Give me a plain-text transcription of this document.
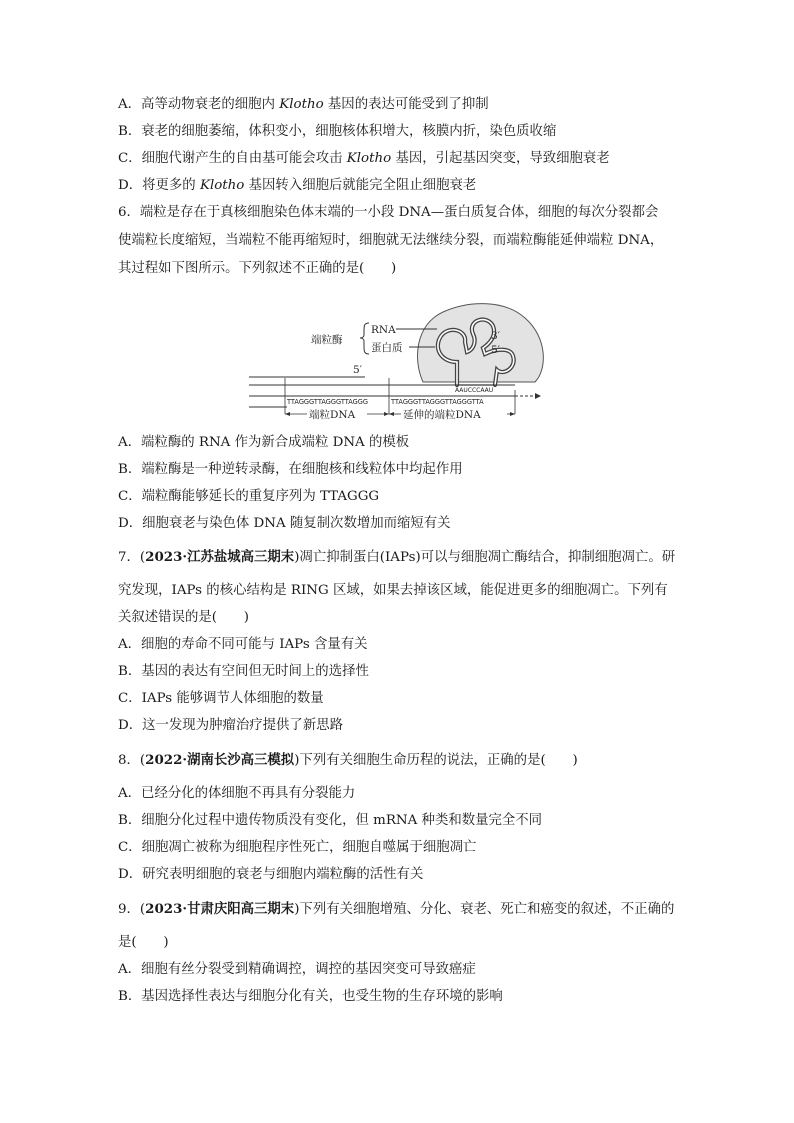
A．高等动物衰老的细胞内 Klotho 基因的表达可能受到了抑制
B．衰老的细胞萎缩，体积变小，细胞核体积增大，核膜内折，染色质收缩
C．细胞代谢产生的自由基可能会攻击 Klotho 基因，引起基因突变，导致细胞衰老
D．将更多的 Klotho 基因转入细胞后就能完全阻止细胞衰老
6．端粒是存在于真核细胞染色体末端的一小段 DNA—蛋白质复合体，细胞的每次分裂都会
使端粒长度缩短，当端粒不能再缩短时，细胞就无法继续分裂，而端粒酶能延伸端粒 DNA，
其过程如下图所示。下列叙述不正确的是(　　)
端粒酶
RNA
蛋白质
3′
5′
AAUCCCAAU
5′
TTAGGGTTAGGGTTAGGG	TTAGGGTTAGGGTTAGGGTTA
端粒DNA	延伸的端粒DNA
A．端粒酶的 RNA 作为新合成端粒 DNA 的模板
B．端粒酶是一种逆转录酶，在细胞核和线粒体中均起作用
C．端粒酶能够延长的重复序列为 TTAGGG
D．细胞衰老与染色体 DNA 随复制次数增加而缩短有关
7．(2023·江苏盐城高三期末)凋亡抑制蛋白(IAPs)可以与细胞凋亡酶结合，抑制细胞凋亡。研
究发现，IAPs 的核心结构是 RING 区域，如果去掉该区域，能促进更多的细胞凋亡。下列有
关叙述错误的是(　　)
A．细胞的寿命不同可能与 IAPs 含量有关
B．基因的表达有空间但无时间上的选择性
C．IAPs 能够调节人体细胞的数量
D．这一发现为肿瘤治疗提供了新思路
8．(2022·湖南长沙高三模拟)下列有关细胞生命历程的说法，正确的是(　　)
A．已经分化的体细胞不再具有分裂能力
B．细胞分化过程中遗传物质没有变化，但 mRNA 种类和数量完全不同
C．细胞凋亡被称为细胞程序性死亡，细胞自噬属于细胞凋亡
D．研究表明细胞的衰老与细胞内端粒酶的活性有关
9．(2023·甘肃庆阳高三期末)下列有关细胞增殖、分化、衰老、死亡和癌变的叙述，不正确的
是(　　)
A．细胞有丝分裂受到精确调控，调控的基因突变可导致癌症
B．基因选择性表达与细胞分化有关，也受生物的生存环境的影响
